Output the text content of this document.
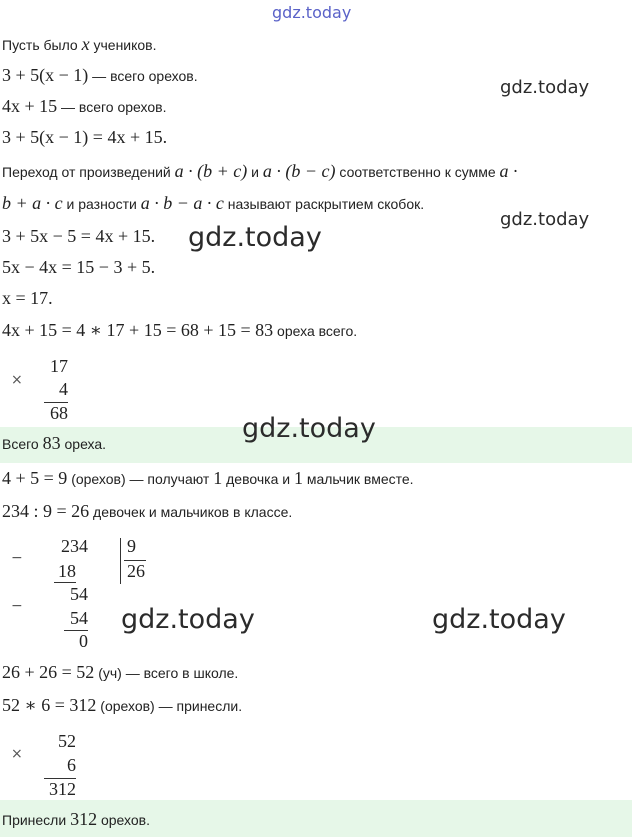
gdz.today
Пусть было x учеников.
3 + 5(x − 1) — всего орехов.
4x + 15 — всего орехов.
3 + 5(x − 1) = 4x + 15.
Переход от произведений a · (b + c) и a · (b − c) соответственно к сумме a ·
b + a · c и разности a · b − a · c называют раскрытием скобок.
3 + 5x − 5 = 4x + 15.
5x − 4x = 15 − 3 + 5.
x = 17.
4x + 15 = 4 ∗ 17 + 15 = 68 + 15 = 83 ореха всего.
×
17
4
68
Всего 83 ореха.
4 + 5 = 9 (орехов) — получают 1 девочка и 1 мальчик вместе.
234 : 9 = 26 девочек и мальчиков в классе.
−
234 9
26
18
−
54
54
0
26 + 26 = 52 (уч) — всего в школе.
52 ∗ 6 = 312 (орехов) — принесли.
×
52
6
312
Принесли 312 орехов.
gdz.today
gdz.today
gdz.today
gdz.today
gdz.today	gdz.today
